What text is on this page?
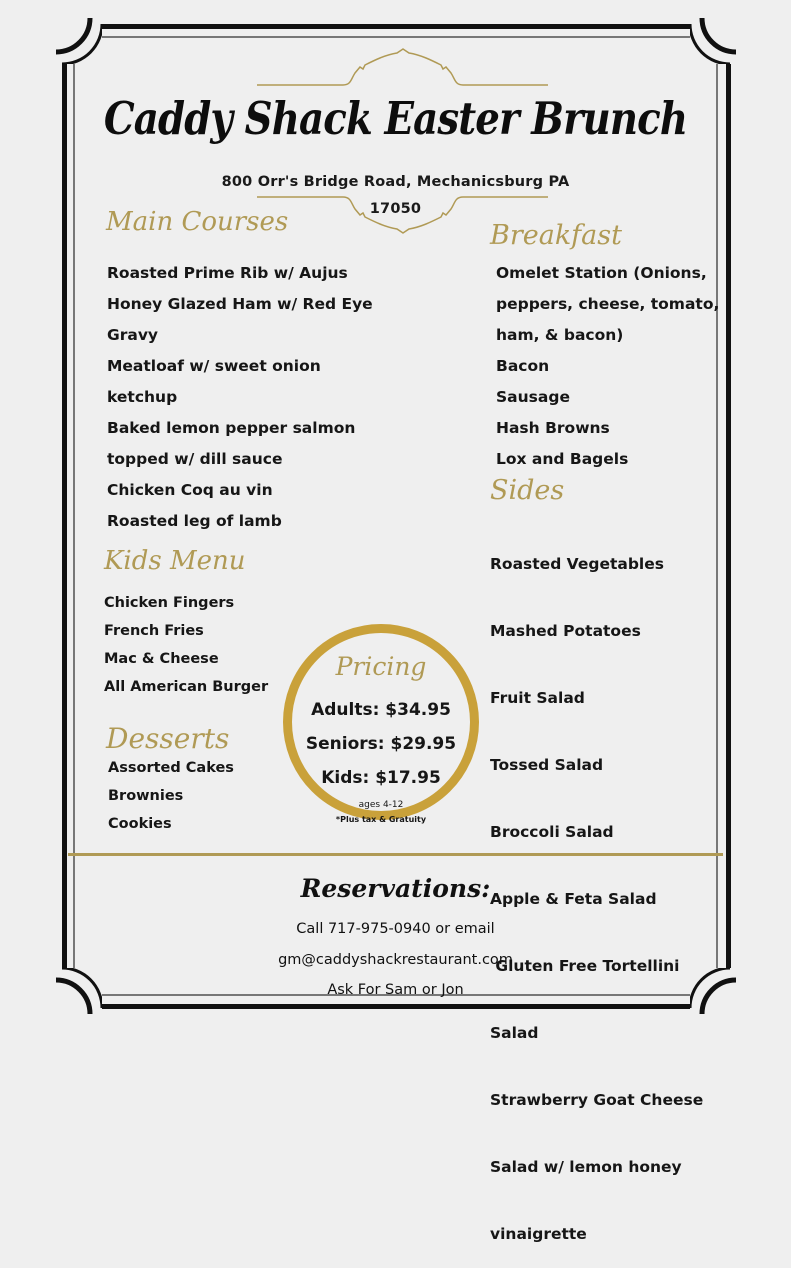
Caddy Shack Easter Brunch
800 Orr's Bridge Road, Mechanicsburg PA
17050
Main Courses
Roasted Prime Rib w/ Aujus
Honey Glazed Ham w/ Red Eye
Gravy
Meatloaf w/ sweet onion
ketchup
Baked lemon pepper salmon
topped w/ dill sauce
Chicken Coq au vin
Roasted leg of lamb
Kids Menu
Chicken Fingers
French Fries
Mac & Cheese
All American Burger
Desserts
Assorted Cakes
Brownies
Cookies
Breakfast
Omelet Station (Onions,
peppers, cheese, tomato,
ham, & bacon)
Bacon
Sausage
Hash Browns
Lox and Bagels
Sides

Roasted Vegetables

Mashed Potatoes

Fruit Salad

Tossed Salad

Broccoli Salad

Apple & Feta Salad

Gluten Free Tortellini

Salad

Strawberry Goat Cheese

Salad w/ lemon honey

vinaigrette

Pricing
Adults: $34.95
Seniors: $29.95
Kids: $17.95
ages 4-12
*Plus tax & Gratuity
Reservations:
Call 717-975-0940 or email
gm@caddyshackrestaurant.com
Ask For Sam or Jon
